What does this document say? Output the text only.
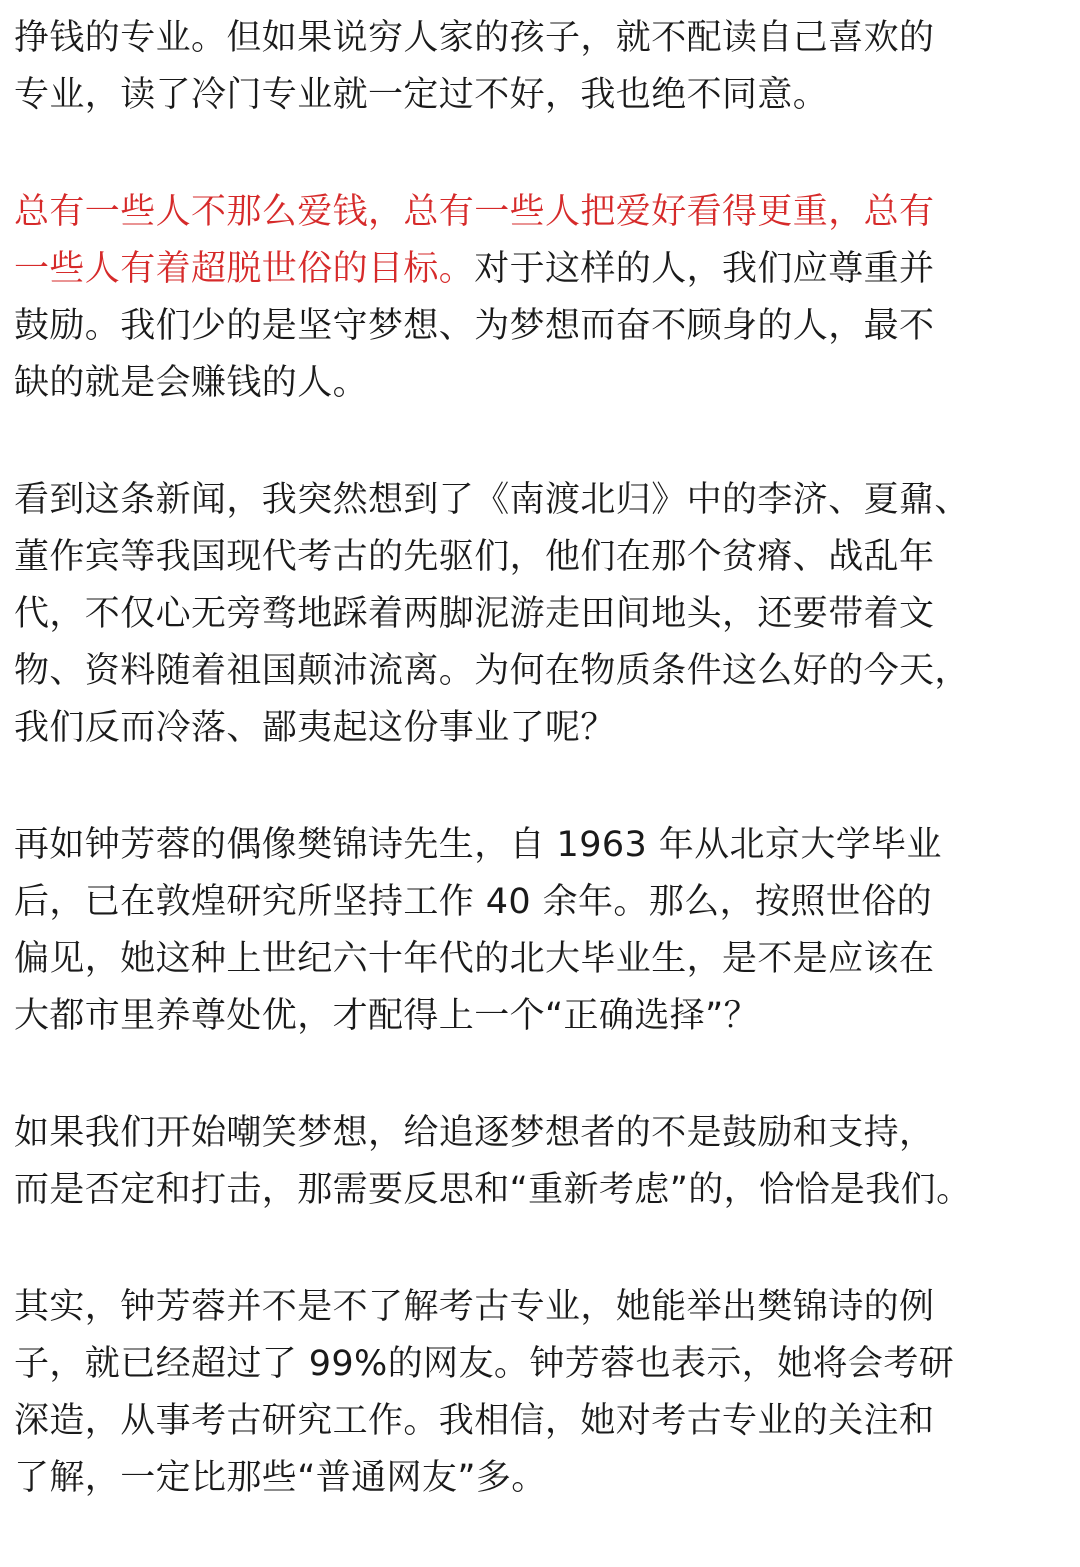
挣钱的专业。但如果说穷人家的孩子，就不配读自己喜欢的
专业，读了冷门专业就一定过不好，我也绝不同意。

总有一些人不那么爱钱，总有一些人把爱好看得更重，总有
一些人有着超脱世俗的目标。对于这样的人，我们应尊重并
鼓励。我们少的是坚守梦想、为梦想而奋不顾身的人，最不
缺的就是会赚钱的人。

看到这条新闻，我突然想到了《南渡北归》中的李济、夏鼐、
董作宾等我国现代考古的先驱们，他们在那个贫瘠、战乱年
代，不仅心无旁骛地踩着两脚泥游走田间地头，还要带着文
物、资料随着祖国颠沛流离。为何在物质条件这么好的今天，
我们反而冷落、鄙夷起这份事业了呢？

再如钟芳蓉的偶像樊锦诗先生，自 1963 年从北京大学毕业
后，已在敦煌研究所坚持工作 40 余年。那么，按照世俗的
偏见，她这种上世纪六十年代的北大毕业生，是不是应该在
大都市里养尊处优，才配得上一个“正确选择”？

如果我们开始嘲笑梦想，给追逐梦想者的不是鼓励和支持，
而是否定和打击，那需要反思和“重新考虑”的，恰恰是我们。

其实，钟芳蓉并不是不了解考古专业，她能举出樊锦诗的例
子，就已经超过了 99%的网友。钟芳蓉也表示，她将会考研
深造，从事考古研究工作。我相信，她对考古专业的关注和
了解，一定比那些“普通网友”多。
